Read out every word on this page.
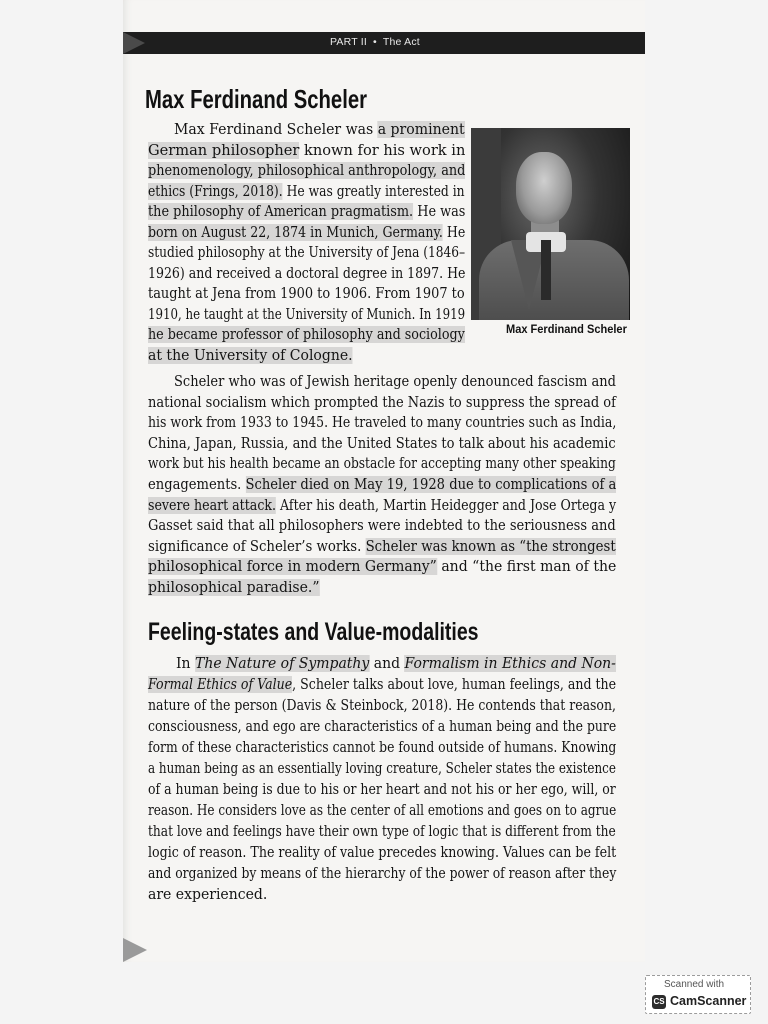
PART II • The Act
Max Ferdinand Scheler
Max Ferdinand Scheler
Max Ferdinand Scheler was a prominent
German philosopher known for his work in
phenomenology, philosophical anthropology, and
ethics (Frings, 2018). He was greatly interested in
the philosophy of American pragmatism. He was
born on August 22, 1874 in Munich, Germany. He
studied philosophy at the University of Jena (1846–
1926) and received a doctoral degree in 1897. He
taught at Jena from 1900 to 1906. From 1907 to
1910, he taught at the University of Munich. In 1919
he became professor of philosophy and sociology
at the University of Cologne.
Scheler who was of Jewish heritage openly denounced fascism and
national socialism which prompted the Nazis to suppress the spread of
his work from 1933 to 1945. He traveled to many countries such as India,
China, Japan, Russia, and the United States to talk about his academic
work but his health became an obstacle for accepting many other speaking
engagements. Scheler died on May 19, 1928 due to complications of a
severe heart attack. After his death, Martin Heidegger and Jose Ortega y
Gasset said that all philosophers were indebted to the seriousness and
significance of Scheler’s works. Scheler was known as “the strongest
philosophical force in modern Germany” and “the first man of the
philosophical paradise.”
Feeling-states and Value-modalities
In The Nature of Sympathy and Formalism in Ethics and Non-
Formal Ethics of Value, Scheler talks about love, human feelings, and the
nature of the person (Davis & Steinbock, 2018). He contends that reason,
consciousness, and ego are characteristics of a human being and the pure
form of these characteristics cannot be found outside of humans. Knowing
a human being as an essentially loving creature, Scheler states the existence
of a human being is due to his or her heart and not his or her ego, will, or
reason. He considers love as the center of all emotions and goes on to agrue
that love and feelings have their own type of logic that is different from the
logic of reason. The reality of value precedes knowing. Values can be felt
and organized by means of the hierarchy of the power of reason after they
are experienced.
Scanned with
CS CamScanner
